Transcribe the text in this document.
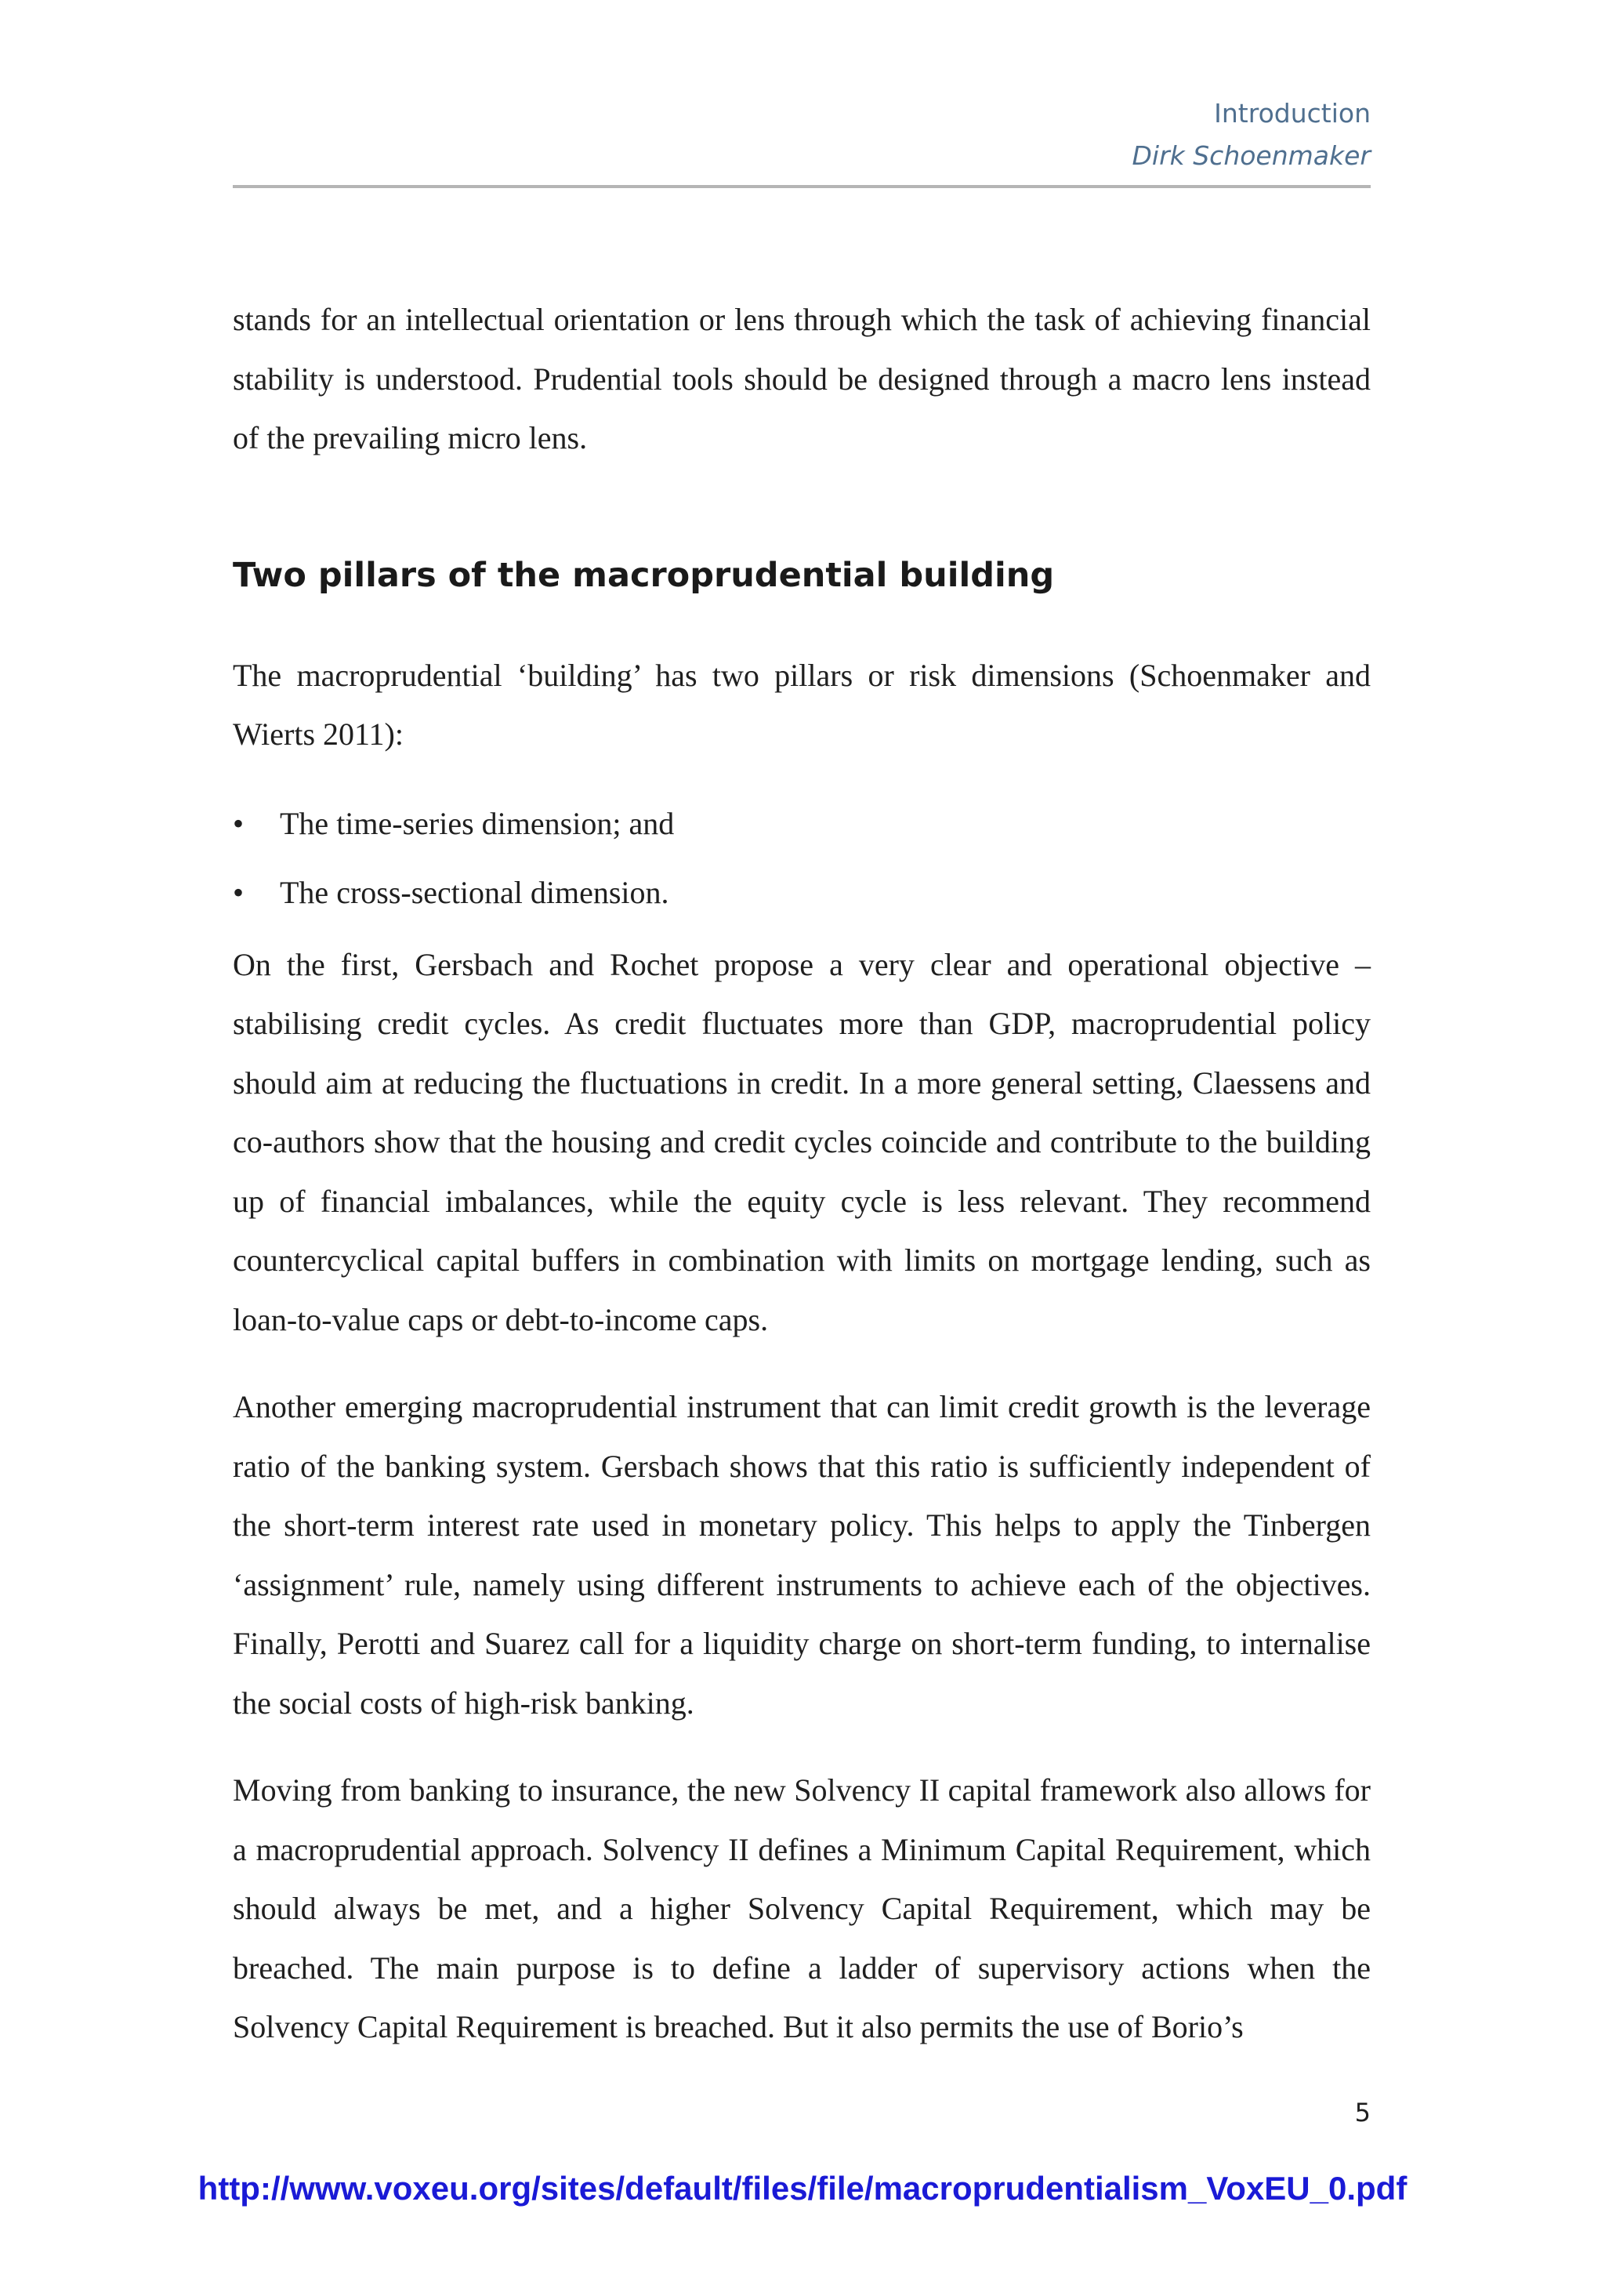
Introduction
Dirk Schoenmaker

stands for an intellectual orientation or lens through which the task of achieving financial stability is understood. Prudential tools should be designed through a macro lens instead of the prevailing micro lens.

Two pillars of the macroprudential building

The macroprudential ‘building’ has two pillars or risk dimensions (Schoenmaker and Wierts 2011):

• The time-series dimension; and
• The cross-sectional dimension.

On the first, Gersbach and Rochet propose a very clear and operational objective – stabilising credit cycles. As credit fluctuates more than GDP, macroprudential policy should aim at reducing the fluctuations in credit. In a more general setting, Claessens and co-authors show that the housing and credit cycles coincide and contribute to the building up of financial imbalances, while the equity cycle is less relevant. They recommend countercyclical capital buffers in combination with limits on mortgage lending, such as loan-to-value caps or debt-to-income caps.

Another emerging macroprudential instrument that can limit credit growth is the leverage ratio of the banking system. Gersbach shows that this ratio is sufficiently independent of the short-term interest rate used in monetary policy. This helps to apply the Tinbergen ‘assignment’ rule, namely using different instruments to achieve each of the objectives. Finally, Perotti and Suarez call for a liquidity charge on short-term funding, to internalise the social costs of high-risk banking.

Moving from banking to insurance, the new Solvency II capital framework also allows for a macroprudential approach. Solvency II defines a Minimum Capital Requirement, which should always be met, and a higher Solvency Capital Requirement, which may be breached. The main purpose is to define a ladder of supervisory actions when the Solvency Capital Requirement is breached. But it also permits the use of Borio’s

5
http://www.voxeu.org/sites/default/files/file/macroprudentialism_VoxEU_0.pdf
